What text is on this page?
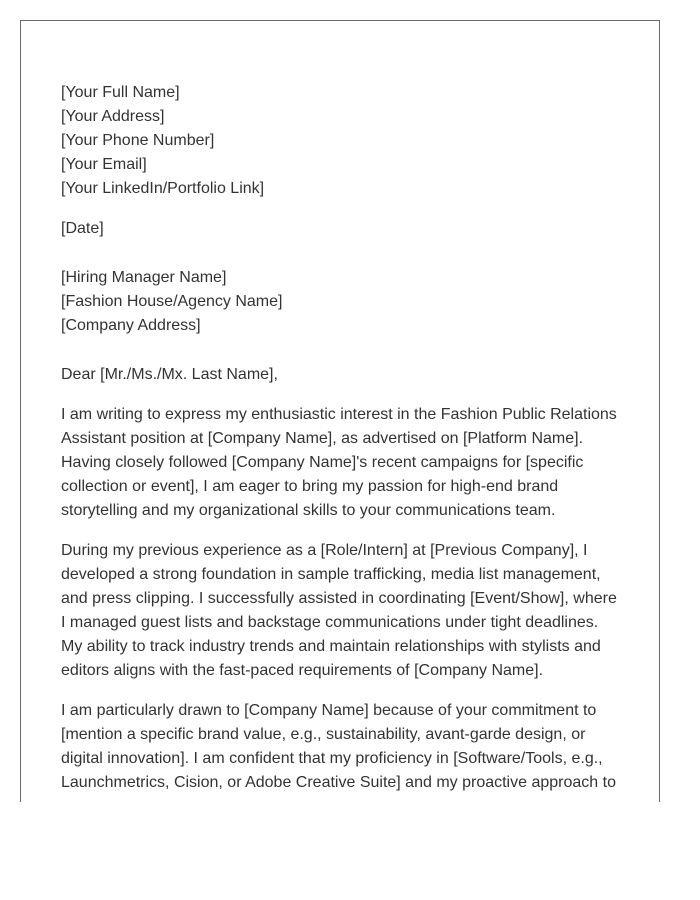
[Your Full Name]
[Your Address]
[Your Phone Number]
[Your Email]
[Your LinkedIn/Portfolio Link]
[Date]
[Hiring Manager Name]
[Fashion House/Agency Name]
[Company Address]
Dear [Mr./Ms./Mx. Last Name],
I am writing to express my enthusiastic interest in the Fashion Public Relations
Assistant position at [Company Name], as advertised on [Platform Name].
Having closely followed [Company Name]'s recent campaigns for [specific
collection or event], I am eager to bring my passion for high-end brand
storytelling and my organizational skills to your communications team.
During my previous experience as a [Role/Intern] at [Previous Company], I
developed a strong foundation in sample trafficking, media list management,
and press clipping. I successfully assisted in coordinating [Event/Show], where
I managed guest lists and backstage communications under tight deadlines.
My ability to track industry trends and maintain relationships with stylists and
editors aligns with the fast-paced requirements of [Company Name].
I am particularly drawn to [Company Name] because of your commitment to
[mention a specific brand value, e.g., sustainability, avant-garde design, or
digital innovation]. I am confident that my proficiency in [Software/Tools, e.g.,
Launchmetrics, Cision, or Adobe Creative Suite] and my proactive approach to
